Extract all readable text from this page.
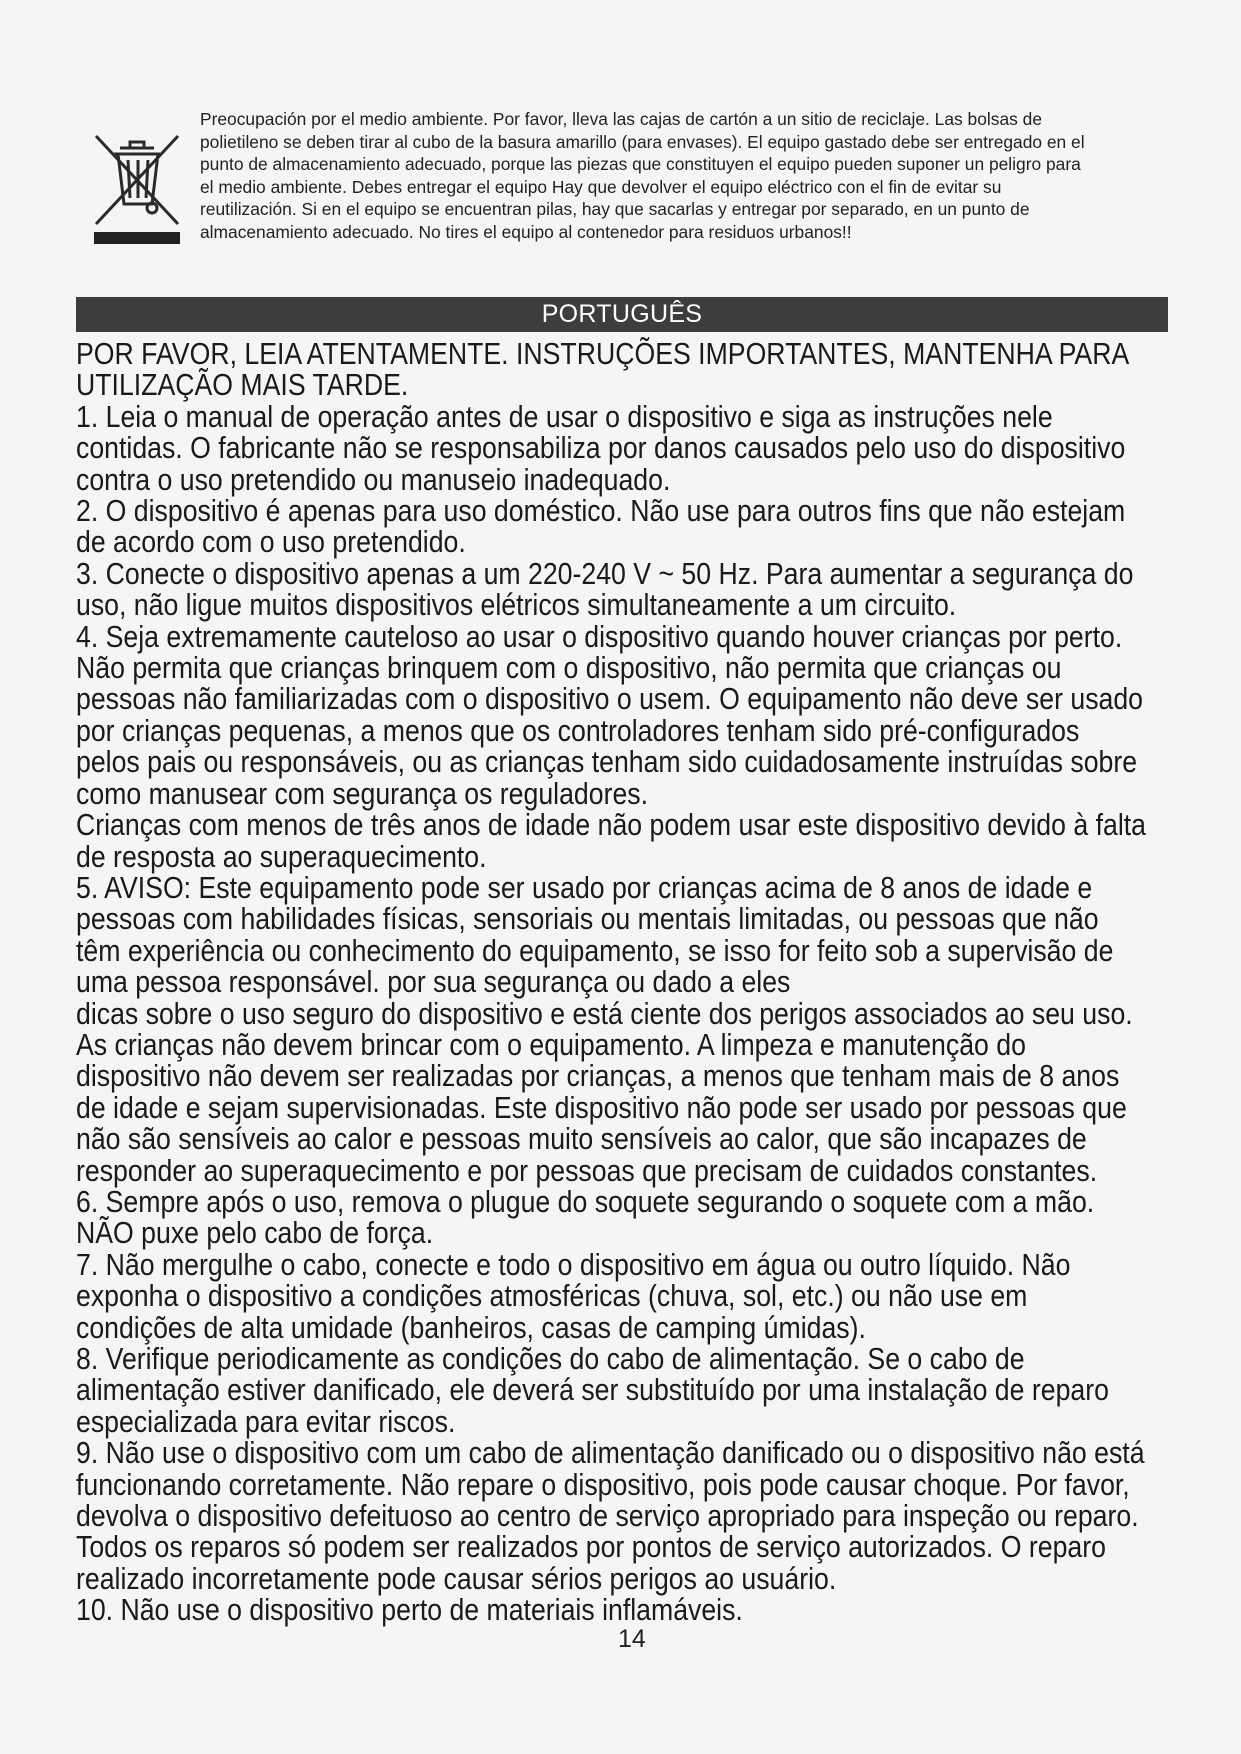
Preocupación por el medio ambiente. Por favor, lleva las cajas de cartón a un sitio de reciclaje. Las bolsas de

polietileno se deben tirar al cubo de la basura amarillo (para envases). El equipo gastado debe ser entregado en el

punto de almacenamiento adecuado, porque las piezas que constituyen el equipo pueden suponer un peligro para

el medio ambiente. Debes entregar el equipo Hay que devolver el equipo eléctrico con el fin de evitar su

reutilización. Si en el equipo se encuentran pilas, hay que sacarlas y entregar por separado, en un punto de

almacenamiento adecuado. No tires el equipo al contenedor para residuos urbanos!!

PORTUGUÊS

POR FAVOR, LEIA ATENTAMENTE. INSTRUÇÕES IMPORTANTES, MANTENHA PARA

UTILIZAÇÃO MAIS TARDE.

1. Leia o manual de operação antes de usar o dispositivo e siga as instruções nele

contidas. O fabricante não se responsabiliza por danos causados pelo uso do dispositivo

contra o uso pretendido ou manuseio inadequado.

2. O dispositivo é apenas para uso doméstico. Não use para outros fins que não estejam

de acordo com o uso pretendido.

3. Conecte o dispositivo apenas a um 220-240 V ~ 50 Hz. Para aumentar a segurança do

uso, não ligue muitos dispositivos elétricos simultaneamente a um circuito.

4. Seja extremamente cauteloso ao usar o dispositivo quando houver crianças por perto.

Não permita que crianças brinquem com o dispositivo, não permita que crianças ou

pessoas não familiarizadas com o dispositivo o usem. O equipamento não deve ser usado

por crianças pequenas, a menos que os controladores tenham sido pré-configurados

pelos pais ou responsáveis, ou as crianças tenham sido cuidadosamente instruídas sobre

como manusear com segurança os reguladores.

Crianças com menos de três anos de idade não podem usar este dispositivo devido à falta

de resposta ao superaquecimento.

5. AVISO: Este equipamento pode ser usado por crianças acima de 8 anos de idade e

pessoas com habilidades físicas, sensoriais ou mentais limitadas, ou pessoas que não

têm experiência ou conhecimento do equipamento, se isso for feito sob a supervisão de

uma pessoa responsável. por sua segurança ou dado a eles

dicas sobre o uso seguro do dispositivo e está ciente dos perigos associados ao seu uso.

As crianças não devem brincar com o equipamento. A limpeza e manutenção do

dispositivo não devem ser realizadas por crianças, a menos que tenham mais de 8 anos

de idade e sejam supervisionadas. Este dispositivo não pode ser usado por pessoas que

não são sensíveis ao calor e pessoas muito sensíveis ao calor, que são incapazes de

responder ao superaquecimento e por pessoas que precisam de cuidados constantes.

6. Sempre após o uso, remova o plugue do soquete segurando o soquete com a mão.

NÃO puxe pelo cabo de força.

7. Não mergulhe o cabo, conecte e todo o dispositivo em água ou outro líquido. Não

exponha o dispositivo a condições atmosféricas (chuva, sol, etc.) ou não use em

condições de alta umidade (banheiros, casas de camping úmidas).

8. Verifique periodicamente as condições do cabo de alimentação. Se o cabo de

alimentação estiver danificado, ele deverá ser substituído por uma instalação de reparo

especializada para evitar riscos.

9. Não use o dispositivo com um cabo de alimentação danificado ou o dispositivo não está

funcionando corretamente. Não repare o dispositivo, pois pode causar choque. Por favor,

devolva o dispositivo defeituoso ao centro de serviço apropriado para inspeção ou reparo.

Todos os reparos só podem ser realizados por pontos de serviço autorizados. O reparo

realizado incorretamente pode causar sérios perigos ao usuário.

10. Não use o dispositivo perto de materiais inflamáveis.

14
